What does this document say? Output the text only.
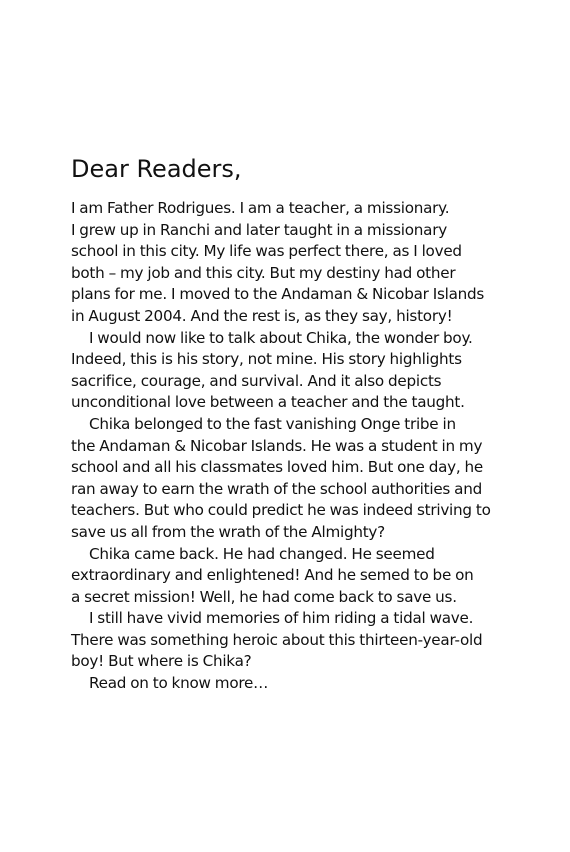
Dear Readers,
I am Father Rodrigues. I am a teacher, a missionary.
I grew up in Ranchi and later taught in a missionary
school in this city. My life was perfect there, as I loved
both – my job and this city. But my destiny had other
plans for me. I moved to the Andaman & Nicobar Islands
in August 2004. And the rest is, as they say, history!
I would now like to talk about Chika, the wonder boy.
Indeed, this is his story, not mine. His story highlights
sacrifice, courage, and survival. And it also depicts
unconditional love between a teacher and the taught.
Chika belonged to the fast vanishing Onge tribe in
the Andaman & Nicobar Islands. He was a student in my
school and all his classmates loved him. But one day, he
ran away to earn the wrath of the school authorities and
teachers. But who could predict he was indeed striving to
save us all from the wrath of the Almighty?
Chika came back. He had changed. He seemed
extraordinary and enlightened! And he semed to be on
a secret mission! Well, he had come back to save us.
I still have vivid memories of him riding a tidal wave.
There was something heroic about this thirteen-year-old
boy! But where is Chika?
Read on to know more…
